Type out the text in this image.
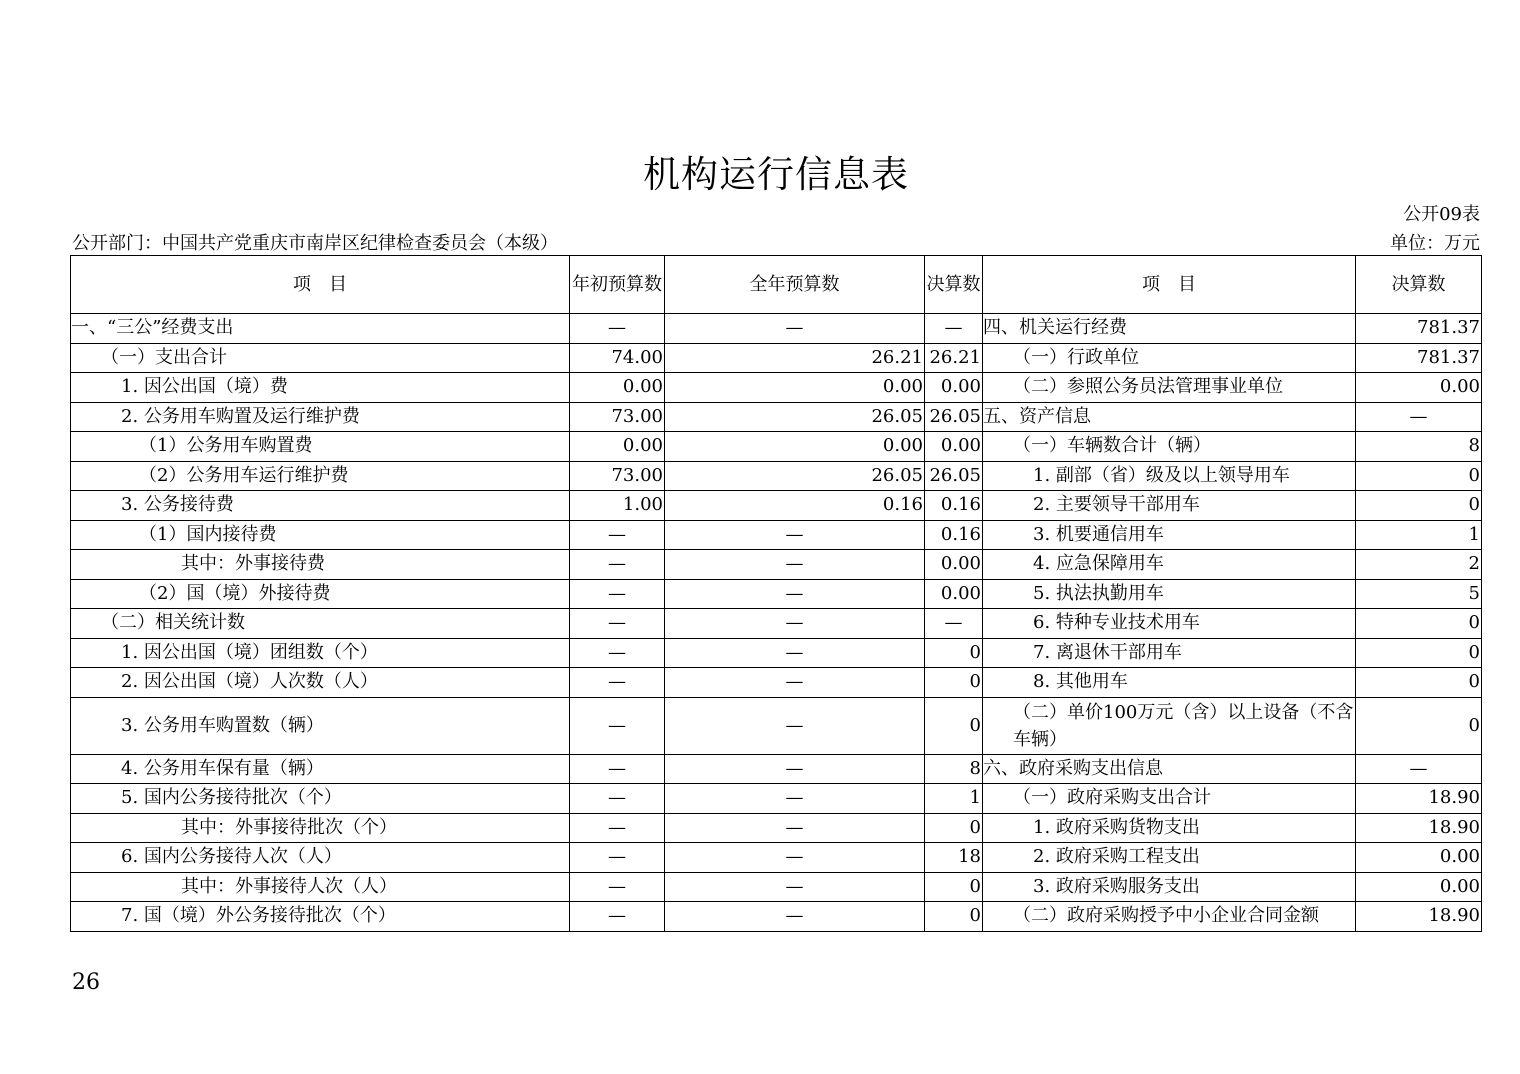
机构运行信息表
公开09表
公开部门：中国共产党重庆市南岸区纪律检查委员会（本级）	单位：万元
项　目	年初预算数	全年预算数	决算数	项　目	决算数
一、“三公”经费支出	—	—	—	四、机关运行经费	781.37
（一）支出合计	74.00	26.21	26.21	（一）行政单位	781.37
1. 因公出国（境）费	0.00	0.00	0.00	（二）参照公务员法管理事业单位	0.00
2. 公务用车购置及运行维护费	73.00	26.05	26.05	五、资产信息	—
（1）公务用车购置费	0.00	0.00	0.00	（一）车辆数合计（辆）	8
（2）公务用车运行维护费	73.00	26.05	26.05	1. 副部（省）级及以上领导用车	0
3. 公务接待费	1.00	0.16	0.16	2. 主要领导干部用车	0
（1）国内接待费	—	—	0.16	3. 机要通信用车	1
其中：外事接待费	—	—	0.00	4. 应急保障用车	2
（2）国（境）外接待费	—	—	0.00	5. 执法执勤用车	5
（二）相关统计数	—	—	—	6. 特种专业技术用车	0
1. 因公出国（境）团组数（个）	—	—	0	7. 离退休干部用车	0
2. 因公出国（境）人次数（人）	—	—	0	8. 其他用车	0
3. 公务用车购置数（辆）	—	—	0	（二）单价100万元（含）以上设备（不含车辆）	0
4. 公务用车保有量（辆）	—	—	8	六、政府采购支出信息	—
5. 国内公务接待批次（个）	—	—	1	（一）政府采购支出合计	18.90
其中：外事接待批次（个）	—	—	0	1. 政府采购货物支出	18.90
6. 国内公务接待人次（人）	—	—	18	2. 政府采购工程支出	0.00
其中：外事接待人次（人）	—	—	0	3. 政府采购服务支出	0.00
7. 国（境）外公务接待批次（个）	—	—	0	（二）政府采购授予中小企业合同金额	18.90
26
